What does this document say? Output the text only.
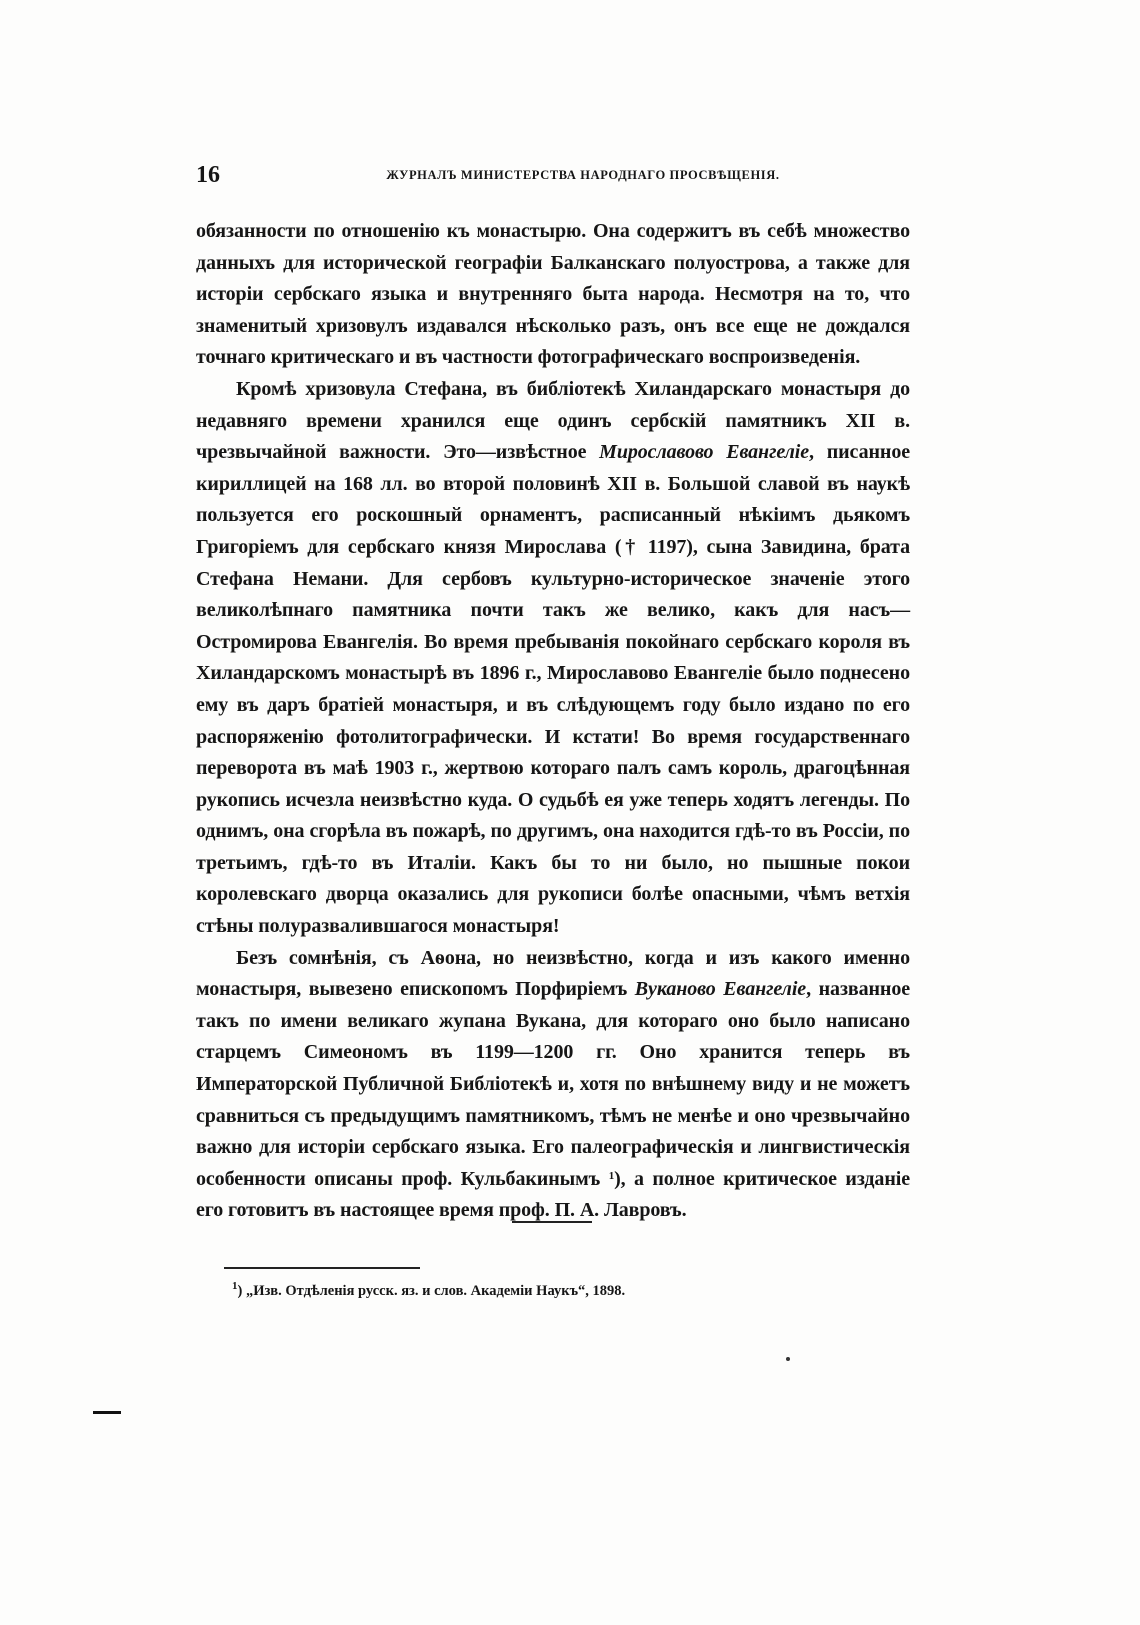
16	ЖУРНАЛЪ МИНИСТЕРСТВА НАРОДНАГО ПРОСВѢЩЕНІЯ.

обязанности по отношенію къ монастырю. Она содержитъ въ себѣ множество данныхъ для исторической географіи Балканскаго полуострова, а также для исторіи сербскаго языка и внутренняго быта народа. Несмотря на то, что знаменитый хризовулъ издавался нѣсколько разъ, онъ все еще не дождался точнаго критическаго и въ частности фотографическаго воспроизведенія.

Кромѣ хризовула Стефана, въ библіотекѣ Хиландарскаго монастыря до недавняго времени хранился еще одинъ сербскій памятникъ XII в. чрезвычайной важности. Это—извѣстное Мирославово Евангеліе, писанное кириллицей на 168 лл. во второй половинѣ XII в. Большой славой въ наукѣ пользуется его роскошный орнаментъ, расписанный нѣкіимъ дьякомъ Григоріемъ для сербскаго князя Мирослава († 1197), сына Завидина, брата Стефана Немани. Для сербовъ культурно-историческое значеніе этого великолѣпнаго памятника почти такъ же велико, какъ для насъ—Остромирова Евангелія. Во время пребыванія покойнаго сербскаго короля въ Хиландарскомъ монастырѣ въ 1896 г., Мирославово Евангеліе было поднесено ему въ даръ братіей монастыря, и въ слѣдующемъ году было издано по его распоряженію фотолитографически. И кстати! Во время государственнаго переворота въ маѣ 1903 г., жертвою котораго палъ самъ король, драгоцѣнная рукопись исчезла неизвѣстно куда. О судьбѣ ея уже теперь ходятъ легенды. По однимъ, она сгорѣла въ пожарѣ, по другимъ, она находится гдѣ-то въ Россіи, по третьимъ, гдѣ-то въ Италіи. Какъ бы то ни было, но пышные покои королевскаго дворца оказались для рукописи болѣе опасными, чѣмъ ветхія стѣны полуразвалившагося монастыря!

Безъ сомнѣнія, съ Аѳона, но неизвѣстно, когда и изъ какого именно монастыря, вывезено епископомъ Порфиріемъ Вуканово Евангеліе, названное такъ по имени великаго жупана Вукана, для котораго оно было написано старцемъ Симеономъ въ 1199—1200 гг. Оно хранится теперь въ Императорской Публичной Библіотекѣ и, хотя по внѣшнему виду и не можетъ сравниться съ предыдущимъ памятникомъ, тѣмъ не менѣе и оно чрезвычайно важно для исторіи сербскаго языка. Его палеографическія и лингвистическія особенности описаны проф. Кульбакинымъ $^1$), а полное критическое изданіе его готовитъ въ настоящее время проф. П. А. Лавровъ.

$^1$) „Изв. Отдѣленія русск. яз. и слов. Академіи Наукъ“, 1898.
